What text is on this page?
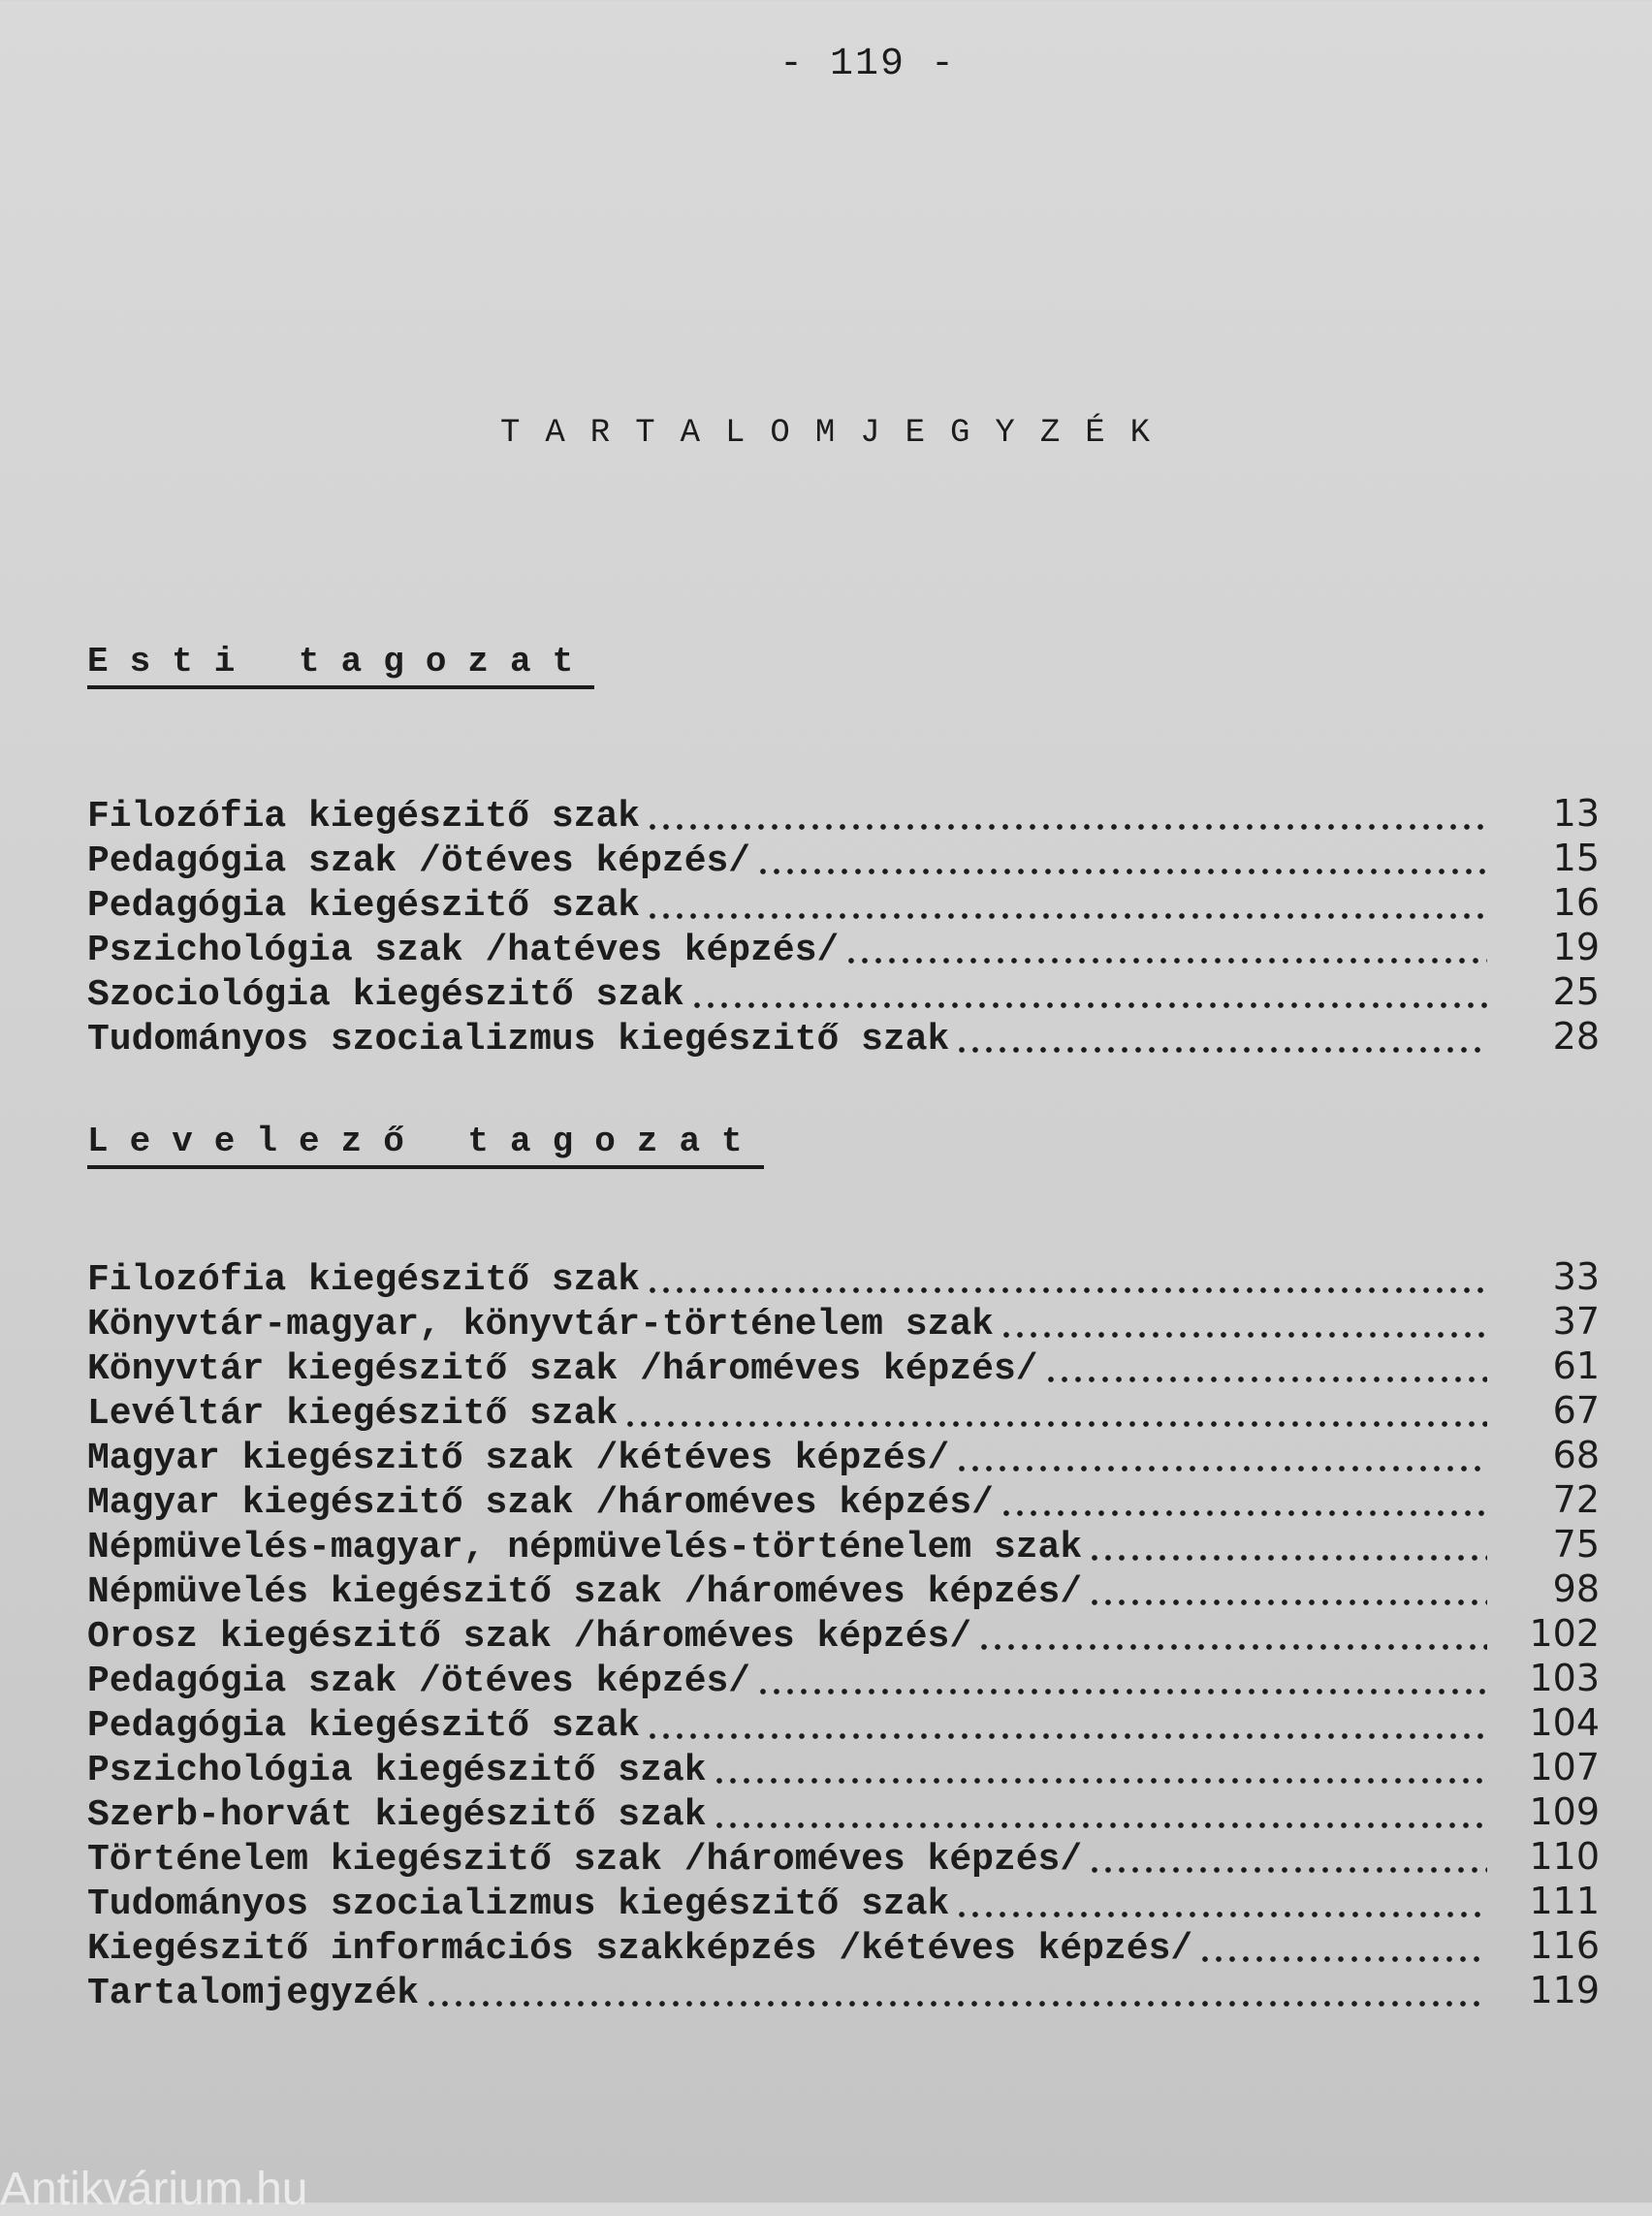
- 119 -
TARTALOMJEGYZÉK
Esti tagozat
Filozófia kiegészitő szak	13
Pedagógia szak /ötéves képzés/	15
Pedagógia kiegészitő szak	16
Pszichológia szak /hatéves képzés/	19
Szociológia kiegészitő szak	25
Tudományos szocializmus kiegészitő szak	28
Levelező tagozat
Filozófia kiegészitő szak	33
Könyvtár-magyar, könyvtár-történelem szak	37
Könyvtár kiegészitő szak /hároméves képzés/	61
Levéltár kiegészitő szak	67
Magyar kiegészitő szak /kétéves képzés/	68
Magyar kiegészitő szak /hároméves képzés/	72
Népmüvelés-magyar, népmüvelés-történelem szak	75
Népmüvelés kiegészitő szak /hároméves képzés/	98
Orosz kiegészitő szak /hároméves képzés/	102
Pedagógia szak /ötéves képzés/	103
Pedagógia kiegészitő szak	104
Pszichológia kiegészitő szak	107
Szerb-horvát kiegészitő szak	109
Történelem kiegészitő szak /hároméves képzés/	110
Tudományos szocializmus kiegészitő szak	111
Kiegészitő információs szakképzés /kétéves képzés/	116
Tartalomjegyzék	119
Antikvárium.hu
